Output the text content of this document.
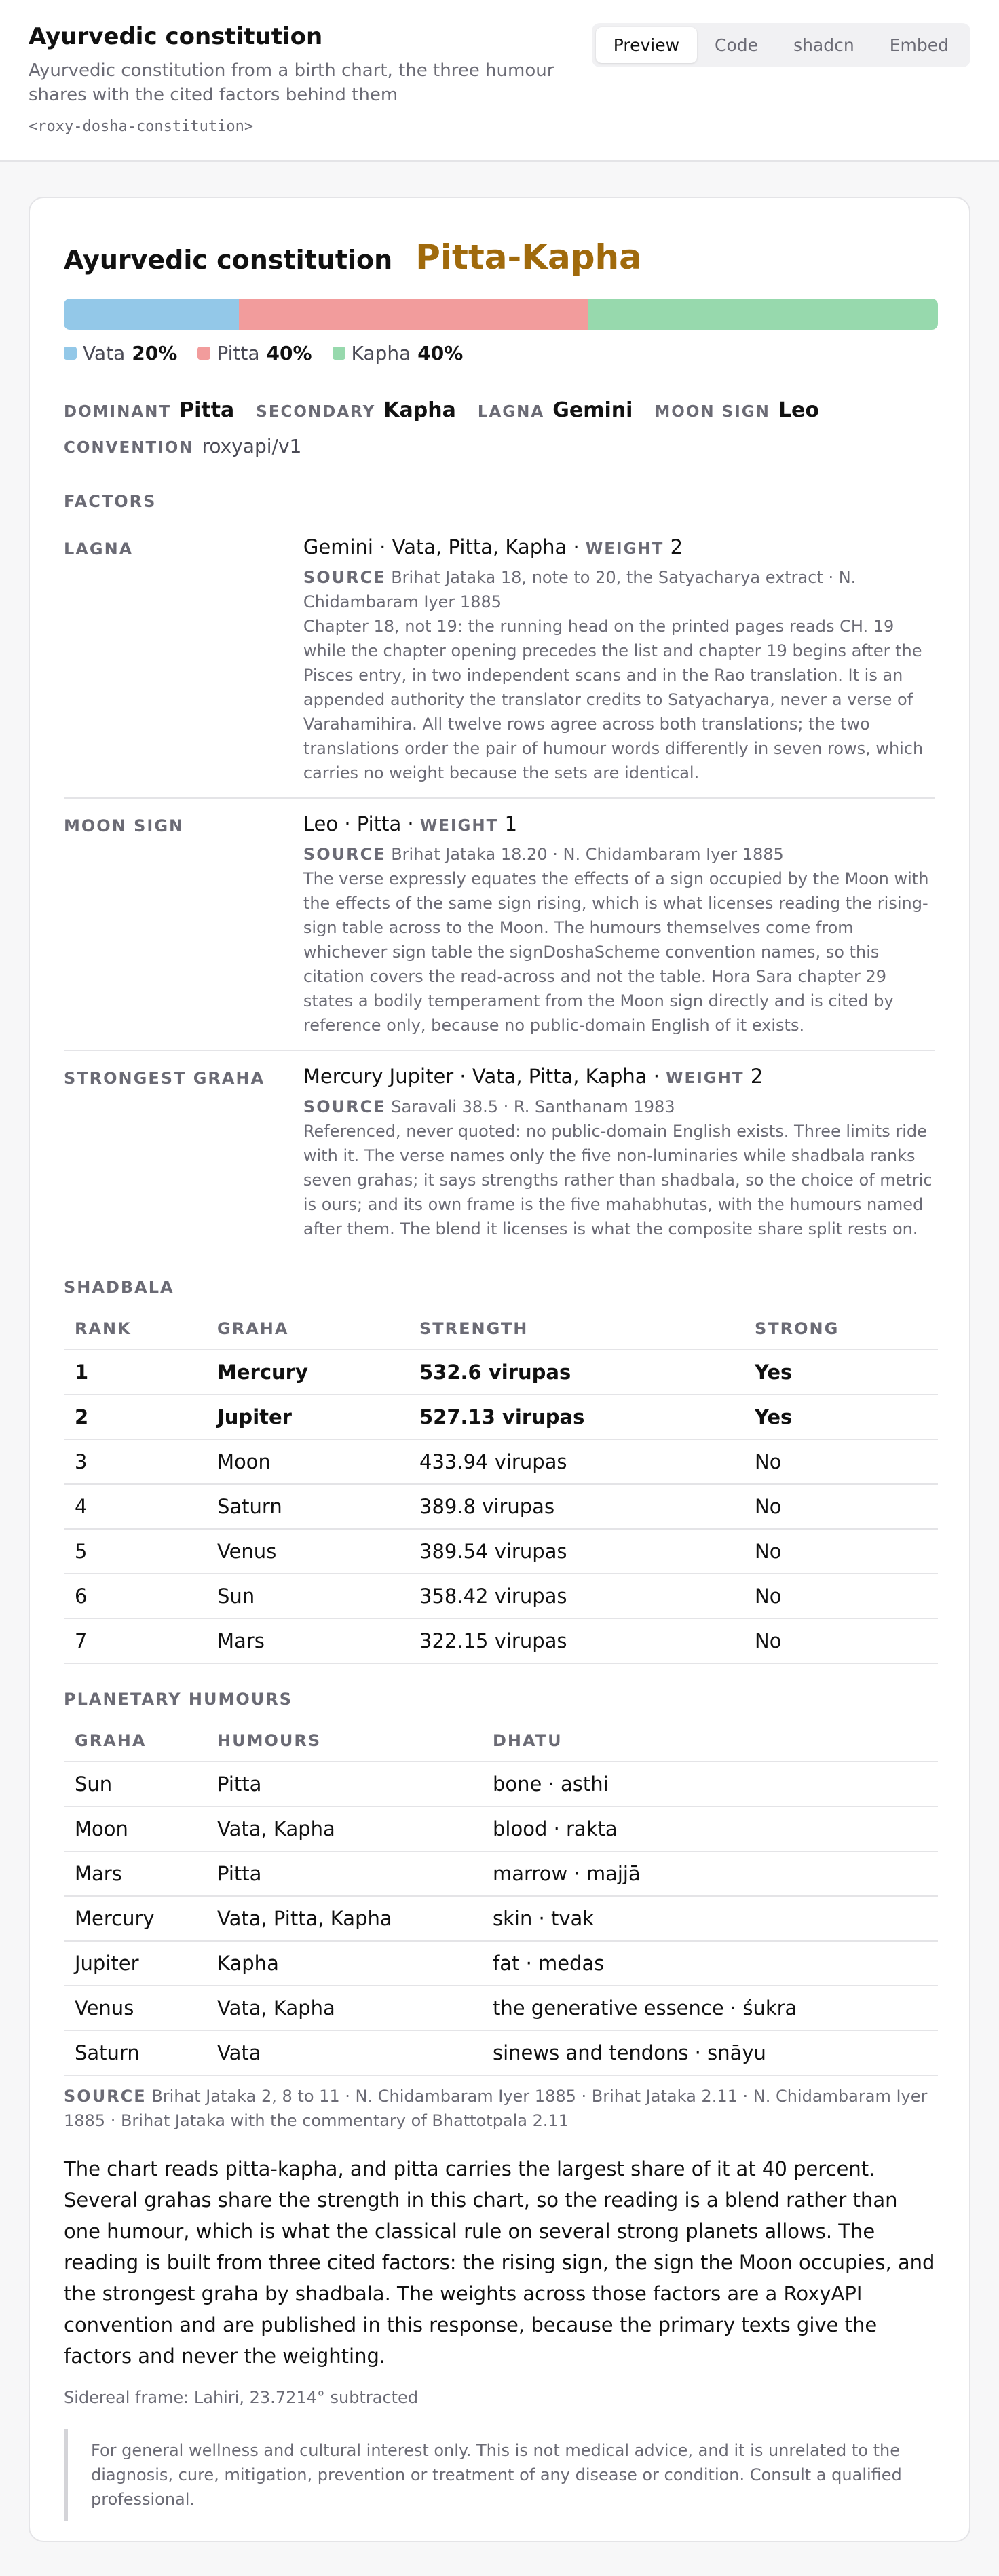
Ayurvedic constitution
Ayurvedic constitution from a birth chart, the three humour shares with the cited factors behind them
<roxy-dosha-constitution>
Preview	Code	shadcn	Embed
Ayurvedic constitution Pitta-Kapha
Vata 20% Pitta 40% Kapha 40%
DOMINANT Pitta SECONDARY Kapha LAGNA Gemini MOON SIGN Leo
CONVENTION roxyapi/v1
FACTORS
LAGNA	Gemini · Vata, Pitta, Kapha · WEIGHT 2
SOURCE Brihat Jataka 18, note to 20, the Satyacharya extract · N. Chidambaram Iyer 1885
Chapter 18, not 19: the running head on the printed pages reads CH. 19 while the chapter opening precedes the list and chapter 19 begins after the Pisces entry, in two independent scans and in the Rao translation. It is an appended authority the translator credits to Satyacharya, never a verse of Varahamihira. All twelve rows agree across both translations; the two translations order the pair of humour words differently in seven rows, which carries no weight because the sets are identical.
MOON SIGN	Leo · Pitta · WEIGHT 1
SOURCE Brihat Jataka 18.20 · N. Chidambaram Iyer 1885
The verse expressly equates the effects of a sign occupied by the Moon with the effects of the same sign rising, which is what licenses reading the rising-sign table across to the Moon. The humours themselves come from whichever sign table the signDoshaScheme convention names, so this citation covers the read-across and not the table. Hora Sara chapter 29 states a bodily temperament from the Moon sign directly and is cited by reference only, because no public-domain English of it exists.
STRONGEST GRAHA	Mercury Jupiter · Vata, Pitta, Kapha · WEIGHT 2
SOURCE Saravali 38.5 · R. Santhanam 1983
Referenced, never quoted: no public-domain English exists. Three limits ride with it. The verse names only the five non-luminaries while shadbala ranks seven grahas; it says strengths rather than shadbala, so the choice of metric is ours; and its own frame is the five mahabhutas, with the humours named after them. The blend it licenses is what the composite share split rests on.
SHADBALA
RANK	GRAHA	STRENGTH	STRONG
1	Mercury	532.6 virupas	Yes
2	Jupiter	527.13 virupas	Yes
3	Moon	433.94 virupas	No
4	Saturn	389.8 virupas	No
5	Venus	389.54 virupas	No
6	Sun	358.42 virupas	No
7	Mars	322.15 virupas	No
PLANETARY HUMOURS
GRAHA	HUMOURS	DHATU
Sun	Pitta	bone · asthi
Moon	Vata, Kapha	blood · rakta
Mars	Pitta	marrow · majjā
Mercury	Vata, Pitta, Kapha	skin · tvak
Jupiter	Kapha	fat · medas
Venus	Vata, Kapha	the generative essence · śukra
Saturn	Vata	sinews and tendons · snāyu
SOURCE Brihat Jataka 2, 8 to 11 · N. Chidambaram Iyer 1885 · Brihat Jataka 2.11 · N. Chidambaram Iyer 1885 · Brihat Jataka with the commentary of Bhattotpala 2.11
The chart reads pitta-kapha, and pitta carries the largest share of it at 40 percent. Several grahas share the strength in this chart, so the reading is a blend rather than one humour, which is what the classical rule on several strong planets allows. The reading is built from three cited factors: the rising sign, the sign the Moon occupies, and the strongest graha by shadbala. The weights across those factors are a RoxyAPI convention and are published in this response, because the primary texts give the factors and never the weighting.
Sidereal frame: Lahiri, 23.7214° subtracted
For general wellness and cultural interest only. This is not medical advice, and it is unrelated to the diagnosis, cure, mitigation, prevention or treatment of any disease or condition. Consult a qualified professional.
